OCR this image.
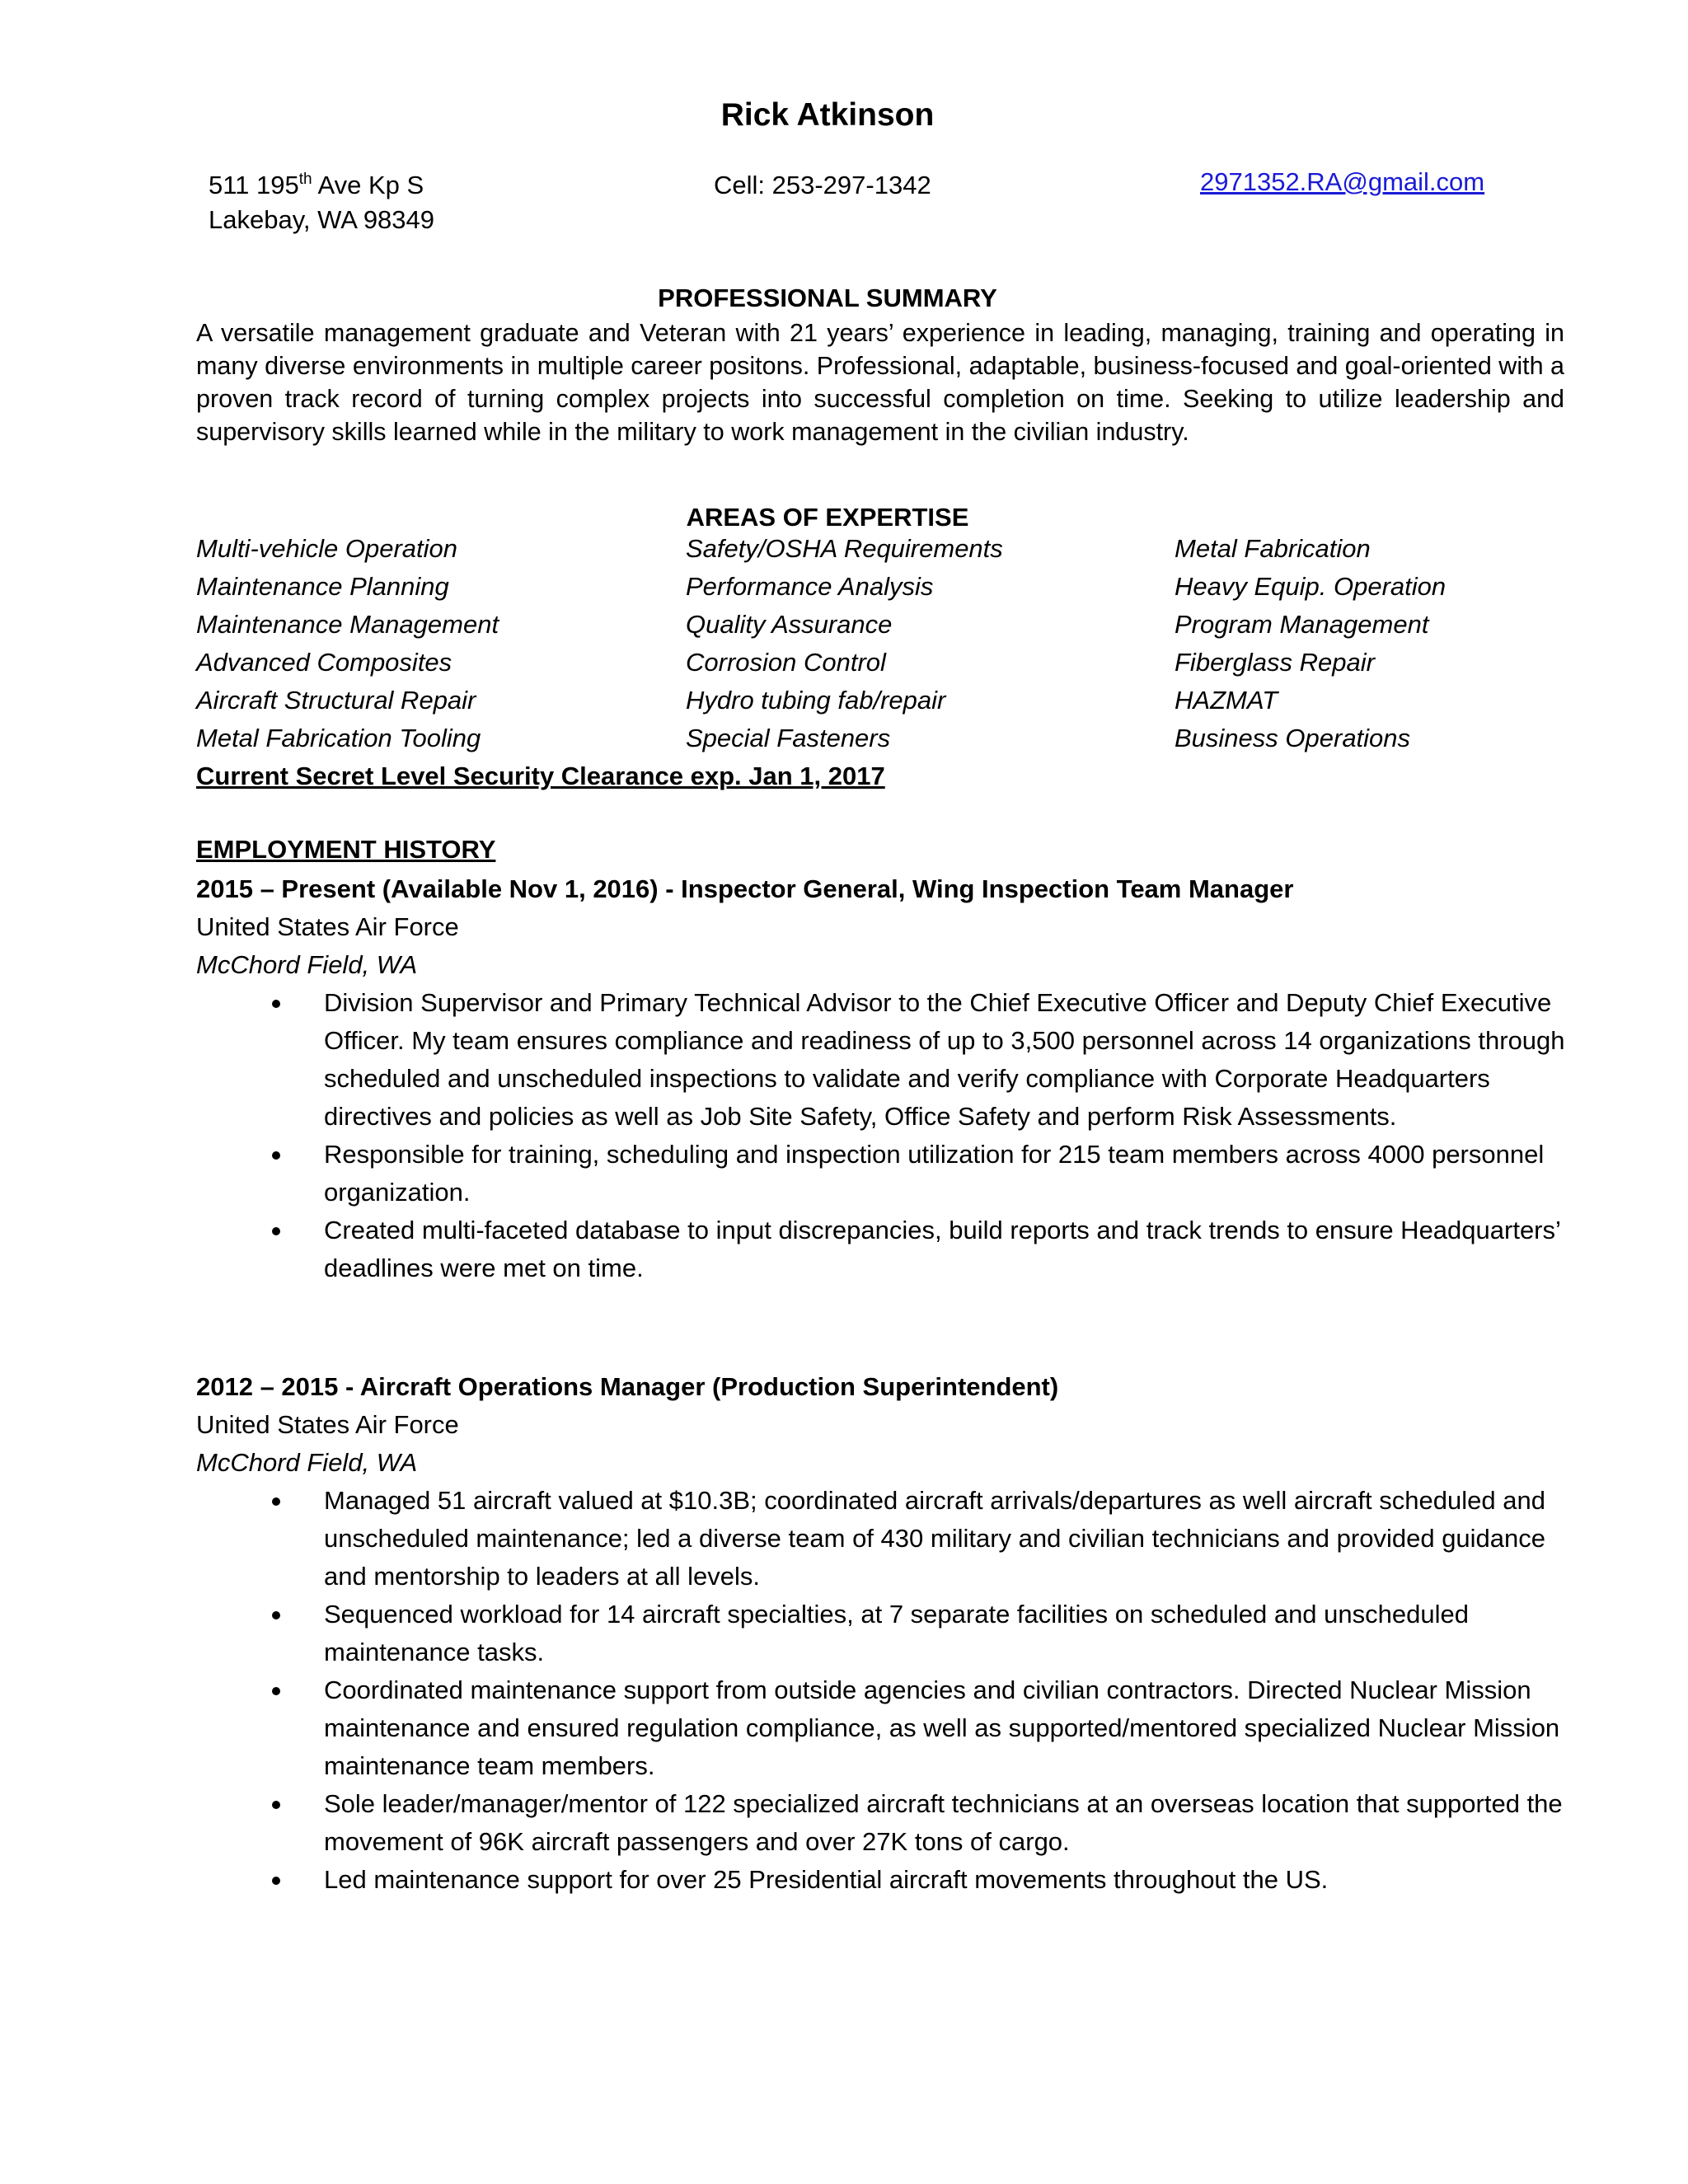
Rick Atkinson
511 195th Ave Kp S
Lakebay, WA 98349
Cell: 253-297-1342	2971352.RA@gmail.com
PROFESSIONAL SUMMARY
A versatile management graduate and Veteran with 21 years’ experience in leading, managing, training and operating in many diverse environments in multiple career positons. Professional, adaptable, business-focused and goal-oriented with a proven track record of turning complex projects into successful completion on time. Seeking to utilize leadership and supervisory skills learned while in the military to work management in the civilian industry.
AREAS OF EXPERTISE
Multi-vehicle Operation	Safety/OSHA Requirements	Metal Fabrication
Maintenance Planning	Performance Analysis	Heavy Equip. Operation
Maintenance Management	Quality Assurance	Program Management
Advanced Composites	Corrosion Control	Fiberglass Repair
Aircraft Structural Repair	Hydro tubing fab/repair	HAZMAT
Metal Fabrication Tooling	Special Fasteners	Business Operations
Current Secret Level Security Clearance exp. Jan 1, 2017
EMPLOYMENT HISTORY
2015 – Present (Available Nov 1, 2016) - Inspector General, Wing Inspection Team Manager
United States Air Force
McChord Field, WA
Division Supervisor and Primary Technical Advisor to the Chief Executive Officer and Deputy Chief Executive Officer. My team ensures compliance and readiness of up to 3,500 personnel across 14 organizations through scheduled and unscheduled inspections to validate and verify compliance with Corporate Headquarters directives and policies as well as Job Site Safety, Office Safety and perform Risk Assessments.
Responsible for training, scheduling and inspection utilization for 215 team members across 4000 personnel organization.
Created multi-faceted database to input discrepancies, build reports and track trends to ensure Headquarters’ deadlines were met on time.
2012 – 2015 - Aircraft Operations Manager (Production Superintendent)
United States Air Force
McChord Field, WA
Managed 51 aircraft valued at $10.3B; coordinated aircraft arrivals/departures as well aircraft scheduled and unscheduled maintenance; led a diverse team of 430 military and civilian technicians and provided guidance and mentorship to leaders at all levels.
Sequenced workload for 14 aircraft specialties, at 7 separate facilities on scheduled and unscheduled maintenance tasks.
Coordinated maintenance support from outside agencies and civilian contractors. Directed Nuclear Mission maintenance and ensured regulation compliance, as well as supported/mentored specialized Nuclear Mission maintenance team members.
Sole leader/manager/mentor of 122 specialized aircraft technicians at an overseas location that supported the movement of 96K aircraft passengers and over 27K tons of cargo.
Led maintenance support for over 25 Presidential aircraft movements throughout the US.
